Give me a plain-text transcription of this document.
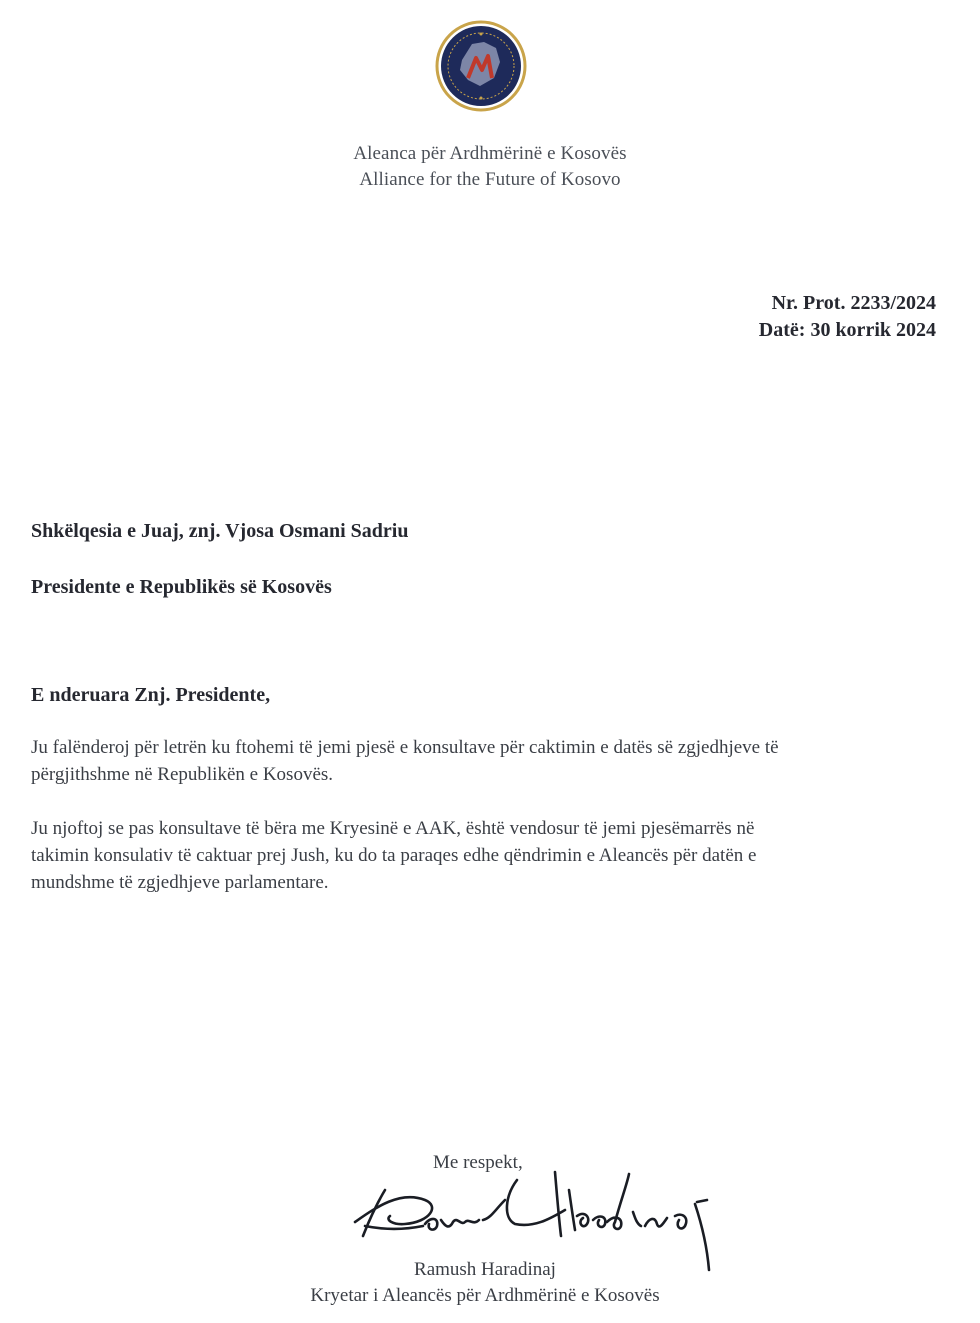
Aleanca për Ardhmërinë e Kosovës
Alliance for the Future of Kosovo
Nr. Prot. 2233/2024
Datë: 30 korrik 2024
Shkëlqesia e Juaj, znj. Vjosa Osmani Sadriu
Presidente e Republikës së Kosovës
E nderuara Znj. Presidente,
Ju falënderoj për letrën ku ftohemi të jemi pjesë e konsultave për caktimin e datës së zgjedhjeve të
përgjithshme në Republikën e Kosovës.
Ju njoftoj se pas konsultave të bëra me Kryesinë e AAK, është vendosur të jemi pjesëmarrës në
takimin konsulativ të caktuar prej Jush, ku do ta paraqes edhe qëndrimin e Aleancës për datën e
mundshme të zgjedhjeve parlamentare.
Me respekt,
Ramush Haradinaj
Kryetar i Aleancës për Ardhmërinë e Kosovës
